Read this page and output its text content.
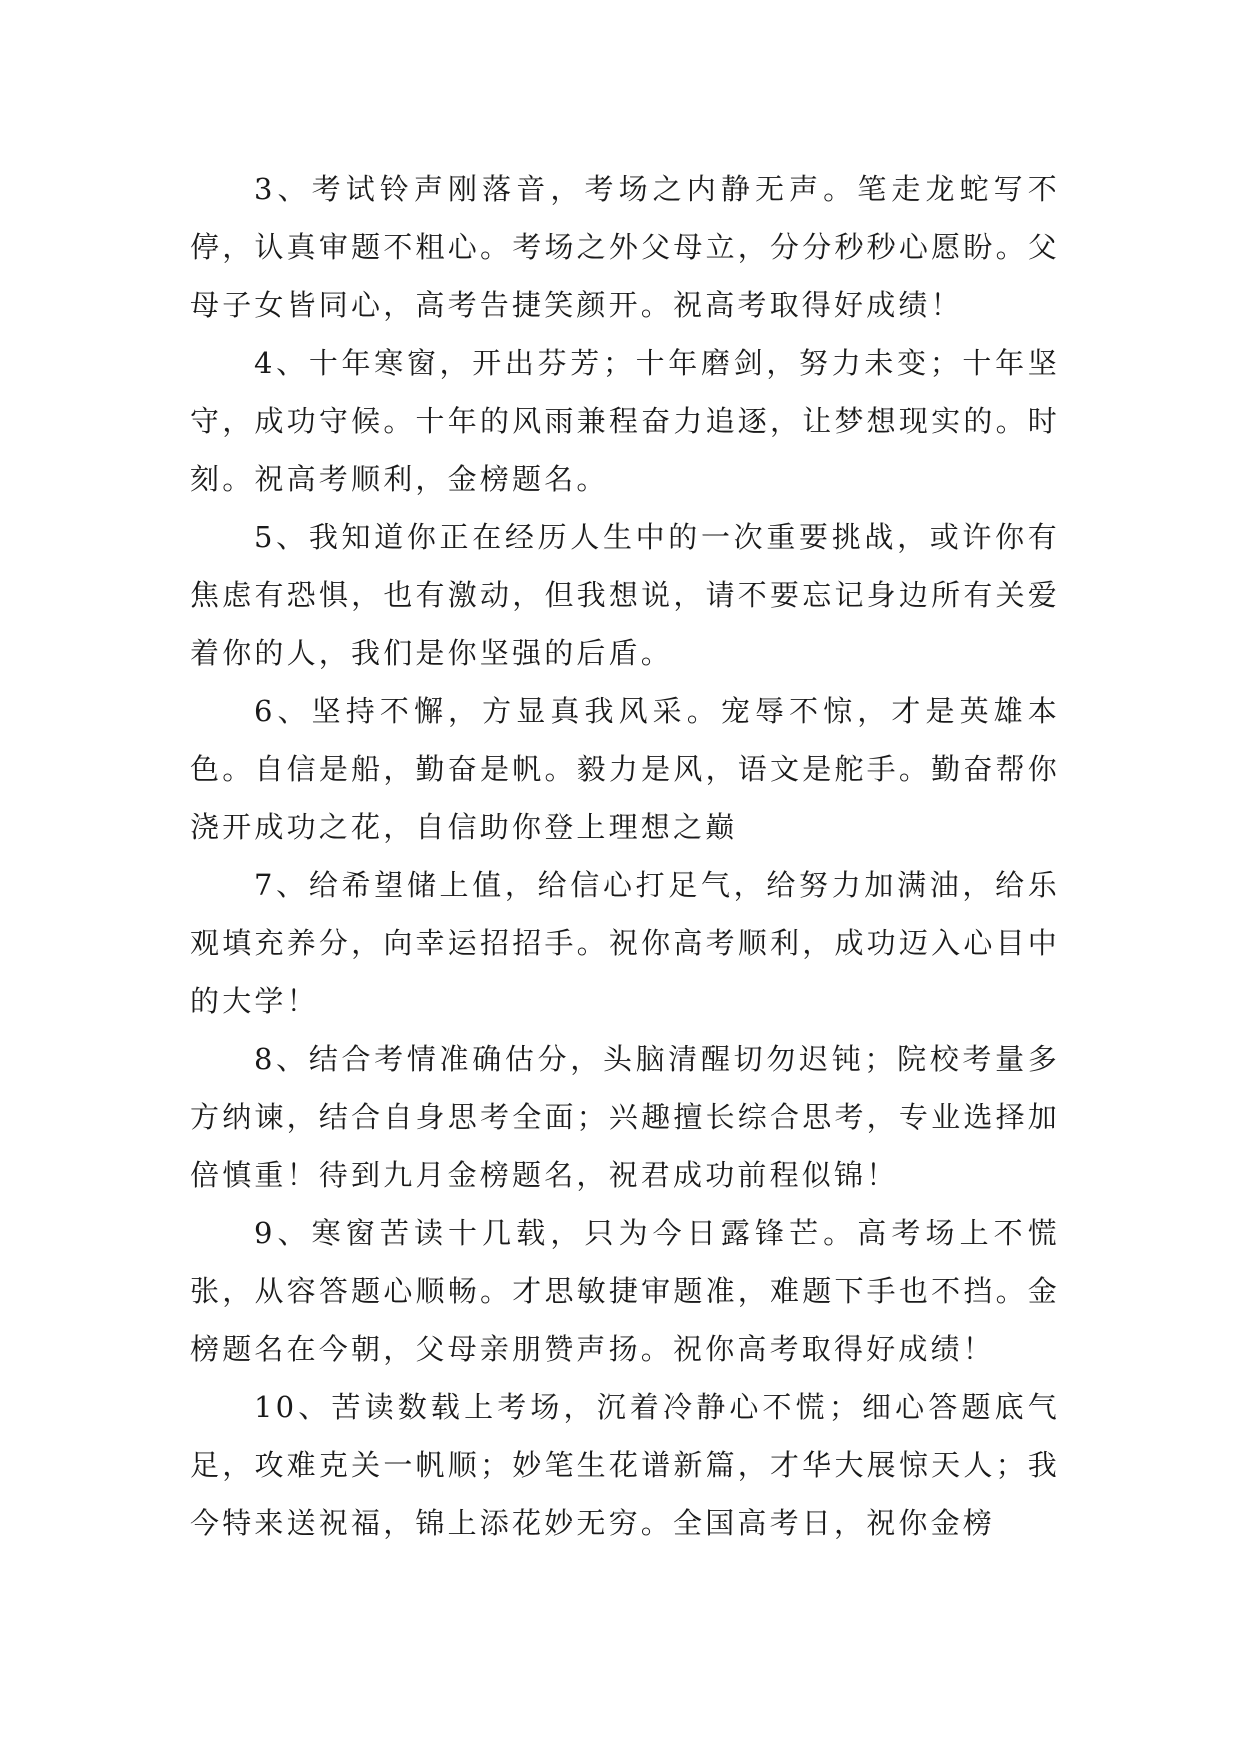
3、考试铃声刚落音，考场之内静无声。笔走龙蛇写不停，认真审题不粗心。考场之外父母立，分分秒秒心愿盼。父母子女皆同心，高考告捷笑颜开。祝高考取得好成绩！

4、十年寒窗，开出芬芳；十年磨剑，努力未变；十年坚守，成功守候。十年的风雨兼程奋力追逐，让梦想现实的。时刻。祝高考顺利，金榜题名。

5、我知道你正在经历人生中的一次重要挑战，或许你有焦虑有恐惧，也有激动，但我想说，请不要忘记身边所有关爱着你的人，我们是你坚强的后盾。

6、坚持不懈，方显真我风采。宠辱不惊，才是英雄本色。自信是船，勤奋是帆。毅力是风，语文是舵手。勤奋帮你浇开成功之花，自信助你登上理想之巅

7、给希望储上值，给信心打足气，给努力加满油，给乐观填充养分，向幸运招招手。祝你高考顺利，成功迈入心目中的大学！

8、结合考情准确估分，头脑清醒切勿迟钝；院校考量多方纳谏，结合自身思考全面；兴趣擅长综合思考，专业选择加倍慎重！待到九月金榜题名，祝君成功前程似锦！

9、寒窗苦读十几载，只为今日露锋芒。高考场上不慌张，从容答题心顺畅。才思敏捷审题准，难题下手也不挡。金榜题名在今朝，父母亲朋赞声扬。祝你高考取得好成绩！

10、苦读数载上考场，沉着冷静心不慌；细心答题底气足，攻难克关一帆顺；妙笔生花谱新篇，才华大展惊天人；我今特来送祝福，锦上添花妙无穷。全国高考日，祝你金榜
